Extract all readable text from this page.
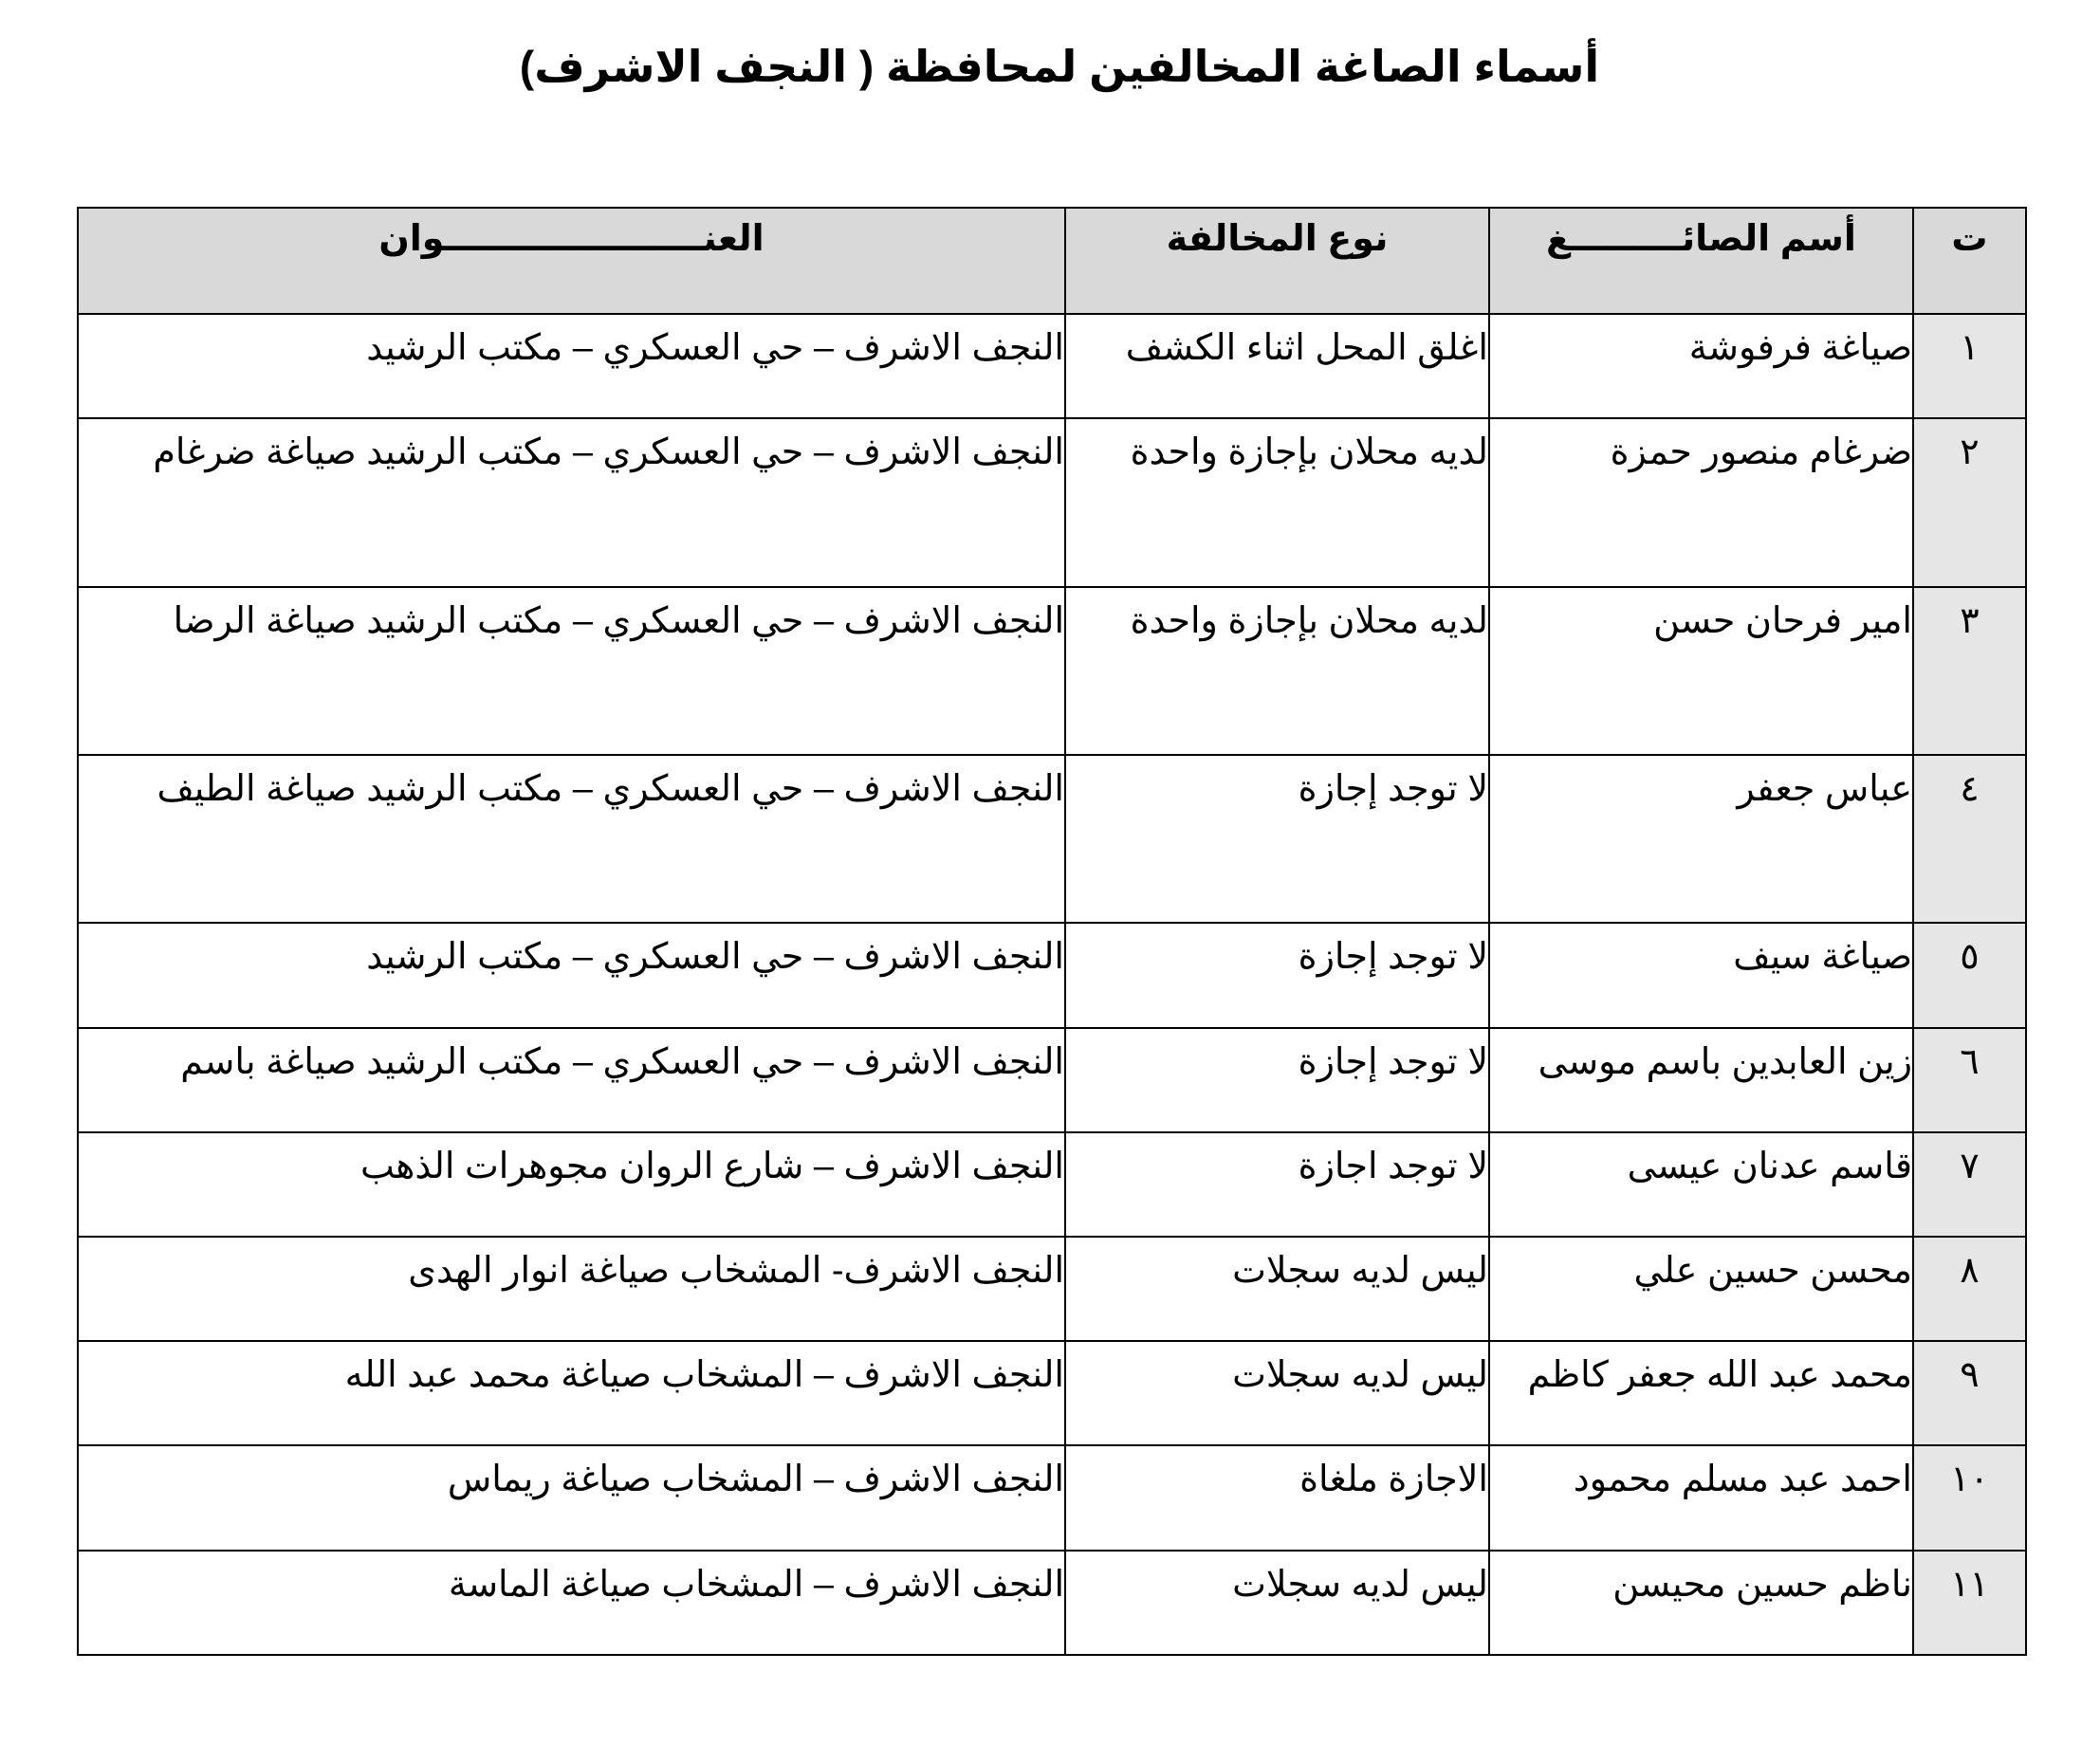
أسماء الصاغة المخالفين لمحافظة ( النجف الاشرف)
ت	أسم الصائـــــــــغ	نوع المخالفة	العنـــــــــــــــــــــوان
١	صياغة فرفوشة	اغلق المحل اثناء الكشف	النجف الاشرف – حي العسكري – مكتب الرشيد
٢	ضرغام منصور حمزة	لديه محلان بإجازة واحدة	النجف الاشرف – حي العسكري – مكتب الرشيد صياغة ضرغام
٣	امير فرحان حسن	لديه محلان بإجازة واحدة	النجف الاشرف – حي العسكري – مكتب الرشيد صياغة الرضا
٤	عباس جعفر	لا توجد إجازة	النجف الاشرف – حي العسكري – مكتب الرشيد صياغة الطيف
٥	صياغة سيف	لا توجد إجازة	النجف الاشرف – حي العسكري – مكتب الرشيد
٦	زين العابدين باسم موسى	لا توجد إجازة	النجف الاشرف – حي العسكري – مكتب الرشيد صياغة باسم
٧	قاسم عدنان عيسى	لا توجد اجازة	النجف الاشرف – شارع الروان مجوهرات الذهب
٨	محسن حسين علي	ليس لديه سجلات	النجف الاشرف- المشخاب صياغة انوار الهدى
٩	محمد عبد الله جعفر كاظم	ليس لديه سجلات	النجف الاشرف – المشخاب صياغة محمد عبد الله
١٠	احمد عبد مسلم محمود	الاجازة ملغاة	النجف الاشرف – المشخاب صياغة ريماس
١١	ناظم حسين محيسن	ليس لديه سجلات	النجف الاشرف – المشخاب صياغة الماسة
